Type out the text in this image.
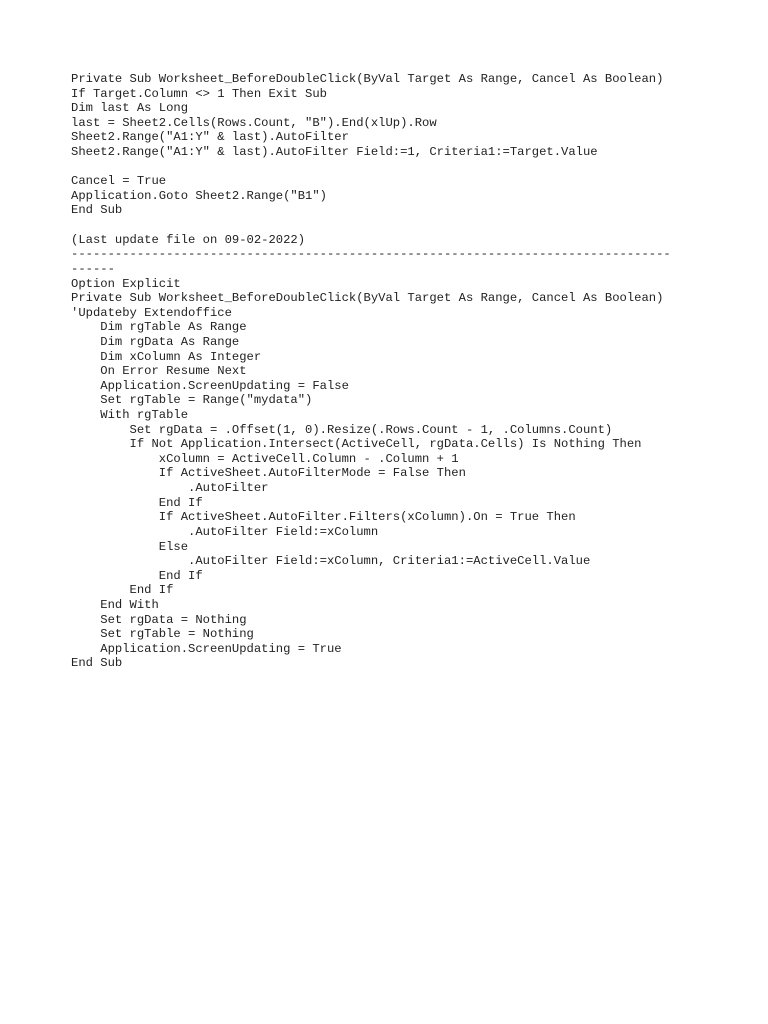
Private Sub Worksheet_BeforeDoubleClick(ByVal Target As Range, Cancel As Boolean)
If Target.Column <> 1 Then Exit Sub
Dim last As Long
last = Sheet2.Cells(Rows.Count, "B").End(xlUp).Row
Sheet2.Range("A1:Y" & last).AutoFilter
Sheet2.Range("A1:Y" & last).AutoFilter Field:=1, Criteria1:=Target.Value
Cancel = True
Application.Goto Sheet2.Range("B1")
End Sub
(Last update file on 09-02-2022)
----------------------------------------------------------------------------------
------
Option Explicit
Private Sub Worksheet_BeforeDoubleClick(ByVal Target As Range, Cancel As Boolean)
'Updateby Extendoffice
Dim rgTable As Range
Dim rgData As Range
Dim xColumn As Integer
On Error Resume Next
Application.ScreenUpdating = False
Set rgTable = Range("mydata")
With rgTable
Set rgData = .Offset(1, 0).Resize(.Rows.Count - 1, .Columns.Count)
If Not Application.Intersect(ActiveCell, rgData.Cells) Is Nothing Then
xColumn = ActiveCell.Column - .Column + 1
If ActiveSheet.AutoFilterMode = False Then
.AutoFilter
End If
If ActiveSheet.AutoFilter.Filters(xColumn).On = True Then
.AutoFilter Field:=xColumn
Else
.AutoFilter Field:=xColumn, Criteria1:=ActiveCell.Value
End If
End If
End With
Set rgData = Nothing
Set rgTable = Nothing
Application.ScreenUpdating = True
End Sub
